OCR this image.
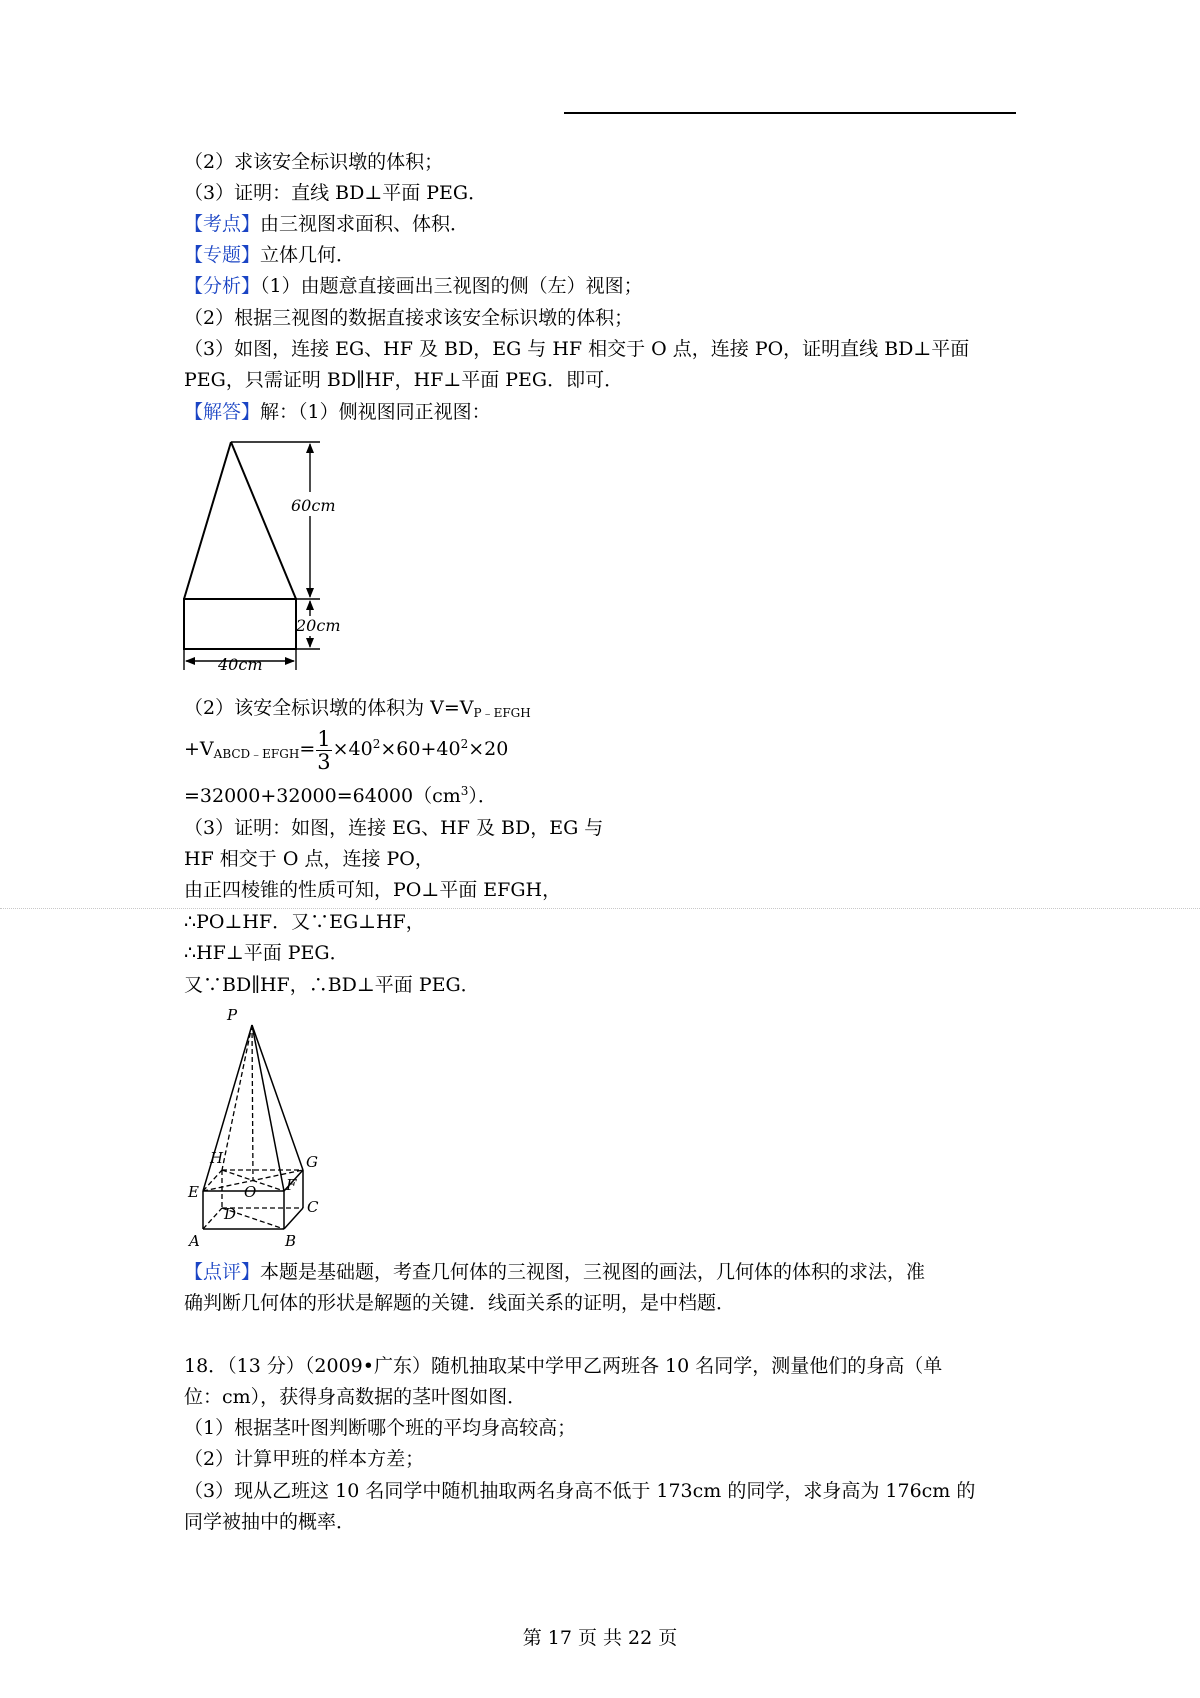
（2）求该安全标识墩的体积；

（3）证明：直线 BD⊥平面 PEG．

【考点】由三视图求面积、体积．

【专题】立体几何．

【分析】（1）由题意直接画出三视图的侧（左）视图；

（2）根据三视图的数据直接求该安全标识墩的体积；

（3）如图，连接 EG、HF 及 BD，EG 与 HF 相交于 O 点，连接 PO，证明直线 BD⊥平面

PEG，只需证明 BD∥HF，HF⊥平面 PEG．即可．

【解答】解：（1）侧视图同正视图：

60cm
20cm
40cm

（2）该安全标识墩的体积为 $V=V_{P﹣EFGH}$

$+V_{ABCD﹣EFGH}= \frac{1}{3} \times 40^2\times 60+40^2\times 20$

$=32000+32000=64000(cm^3)$．

（3）证明：如图，连接 EG、HF 及 BD，EG 与

HF 相交于 O 点，连接 PO，

由正四棱锥的性质可知，PO⊥平面 EFGH，

∴PO⊥HF．又∵EG⊥HF，

∴HF⊥平面 PEG．

又∵BD∥HF，∴BD⊥平面 PEG．

P
H	G
O
E	F
D	C
A	B

【点评】本题是基础题，考查几何体的三视图，三视图的画法，几何体的体积的求法，准

确判断几何体的形状是解题的关键．线面关系的证明，是中档题．

18．（13 分）（2009•广东）随机抽取某中学甲乙两班各 10 名同学，测量他们的身高（单

位：cm），获得身高数据的茎叶图如图．

（1）根据茎叶图判断哪个班的平均身高较高；

（2）计算甲班的样本方差；

（3）现从乙班这 10 名同学中随机抽取两名身高不低于 173cm 的同学，求身高为 176cm 的

同学被抽中的概率．

第 17 页 共 22 页
